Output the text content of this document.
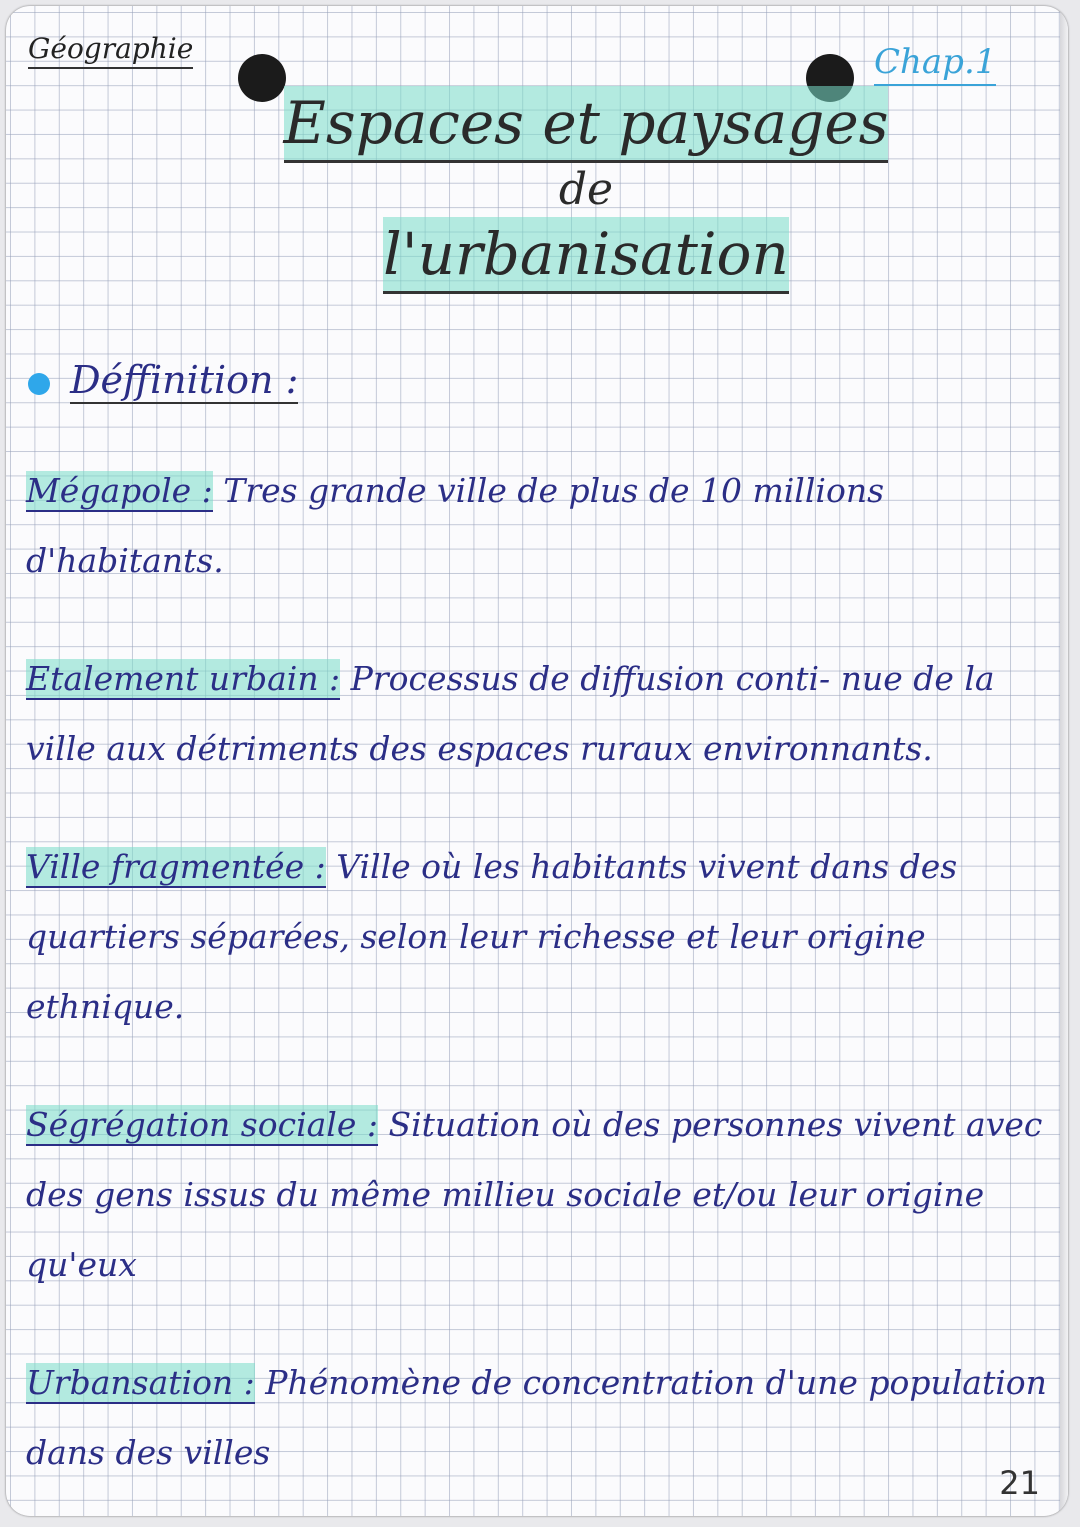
Géographie	Chap.1
Espaces et paysages
de
l'urbanisation
Déffinition :
Mégapole : Tres grande ville de plus de 10 millions d'habitants.
Etalement urbain : Processus de diffusion conti- nue de la ville aux détriments des espaces ruraux environnants.
Ville fragmentée : Ville où les habitants vivent dans des quartiers séparées, selon leur richesse et leur origine ethnique.
Ségrégation sociale : Situation où des personnes vivent avec des gens issus du même millieu sociale et/ou leur origine qu'eux
Urbansation : Phénomène de concentration d'une population dans des villes
21
